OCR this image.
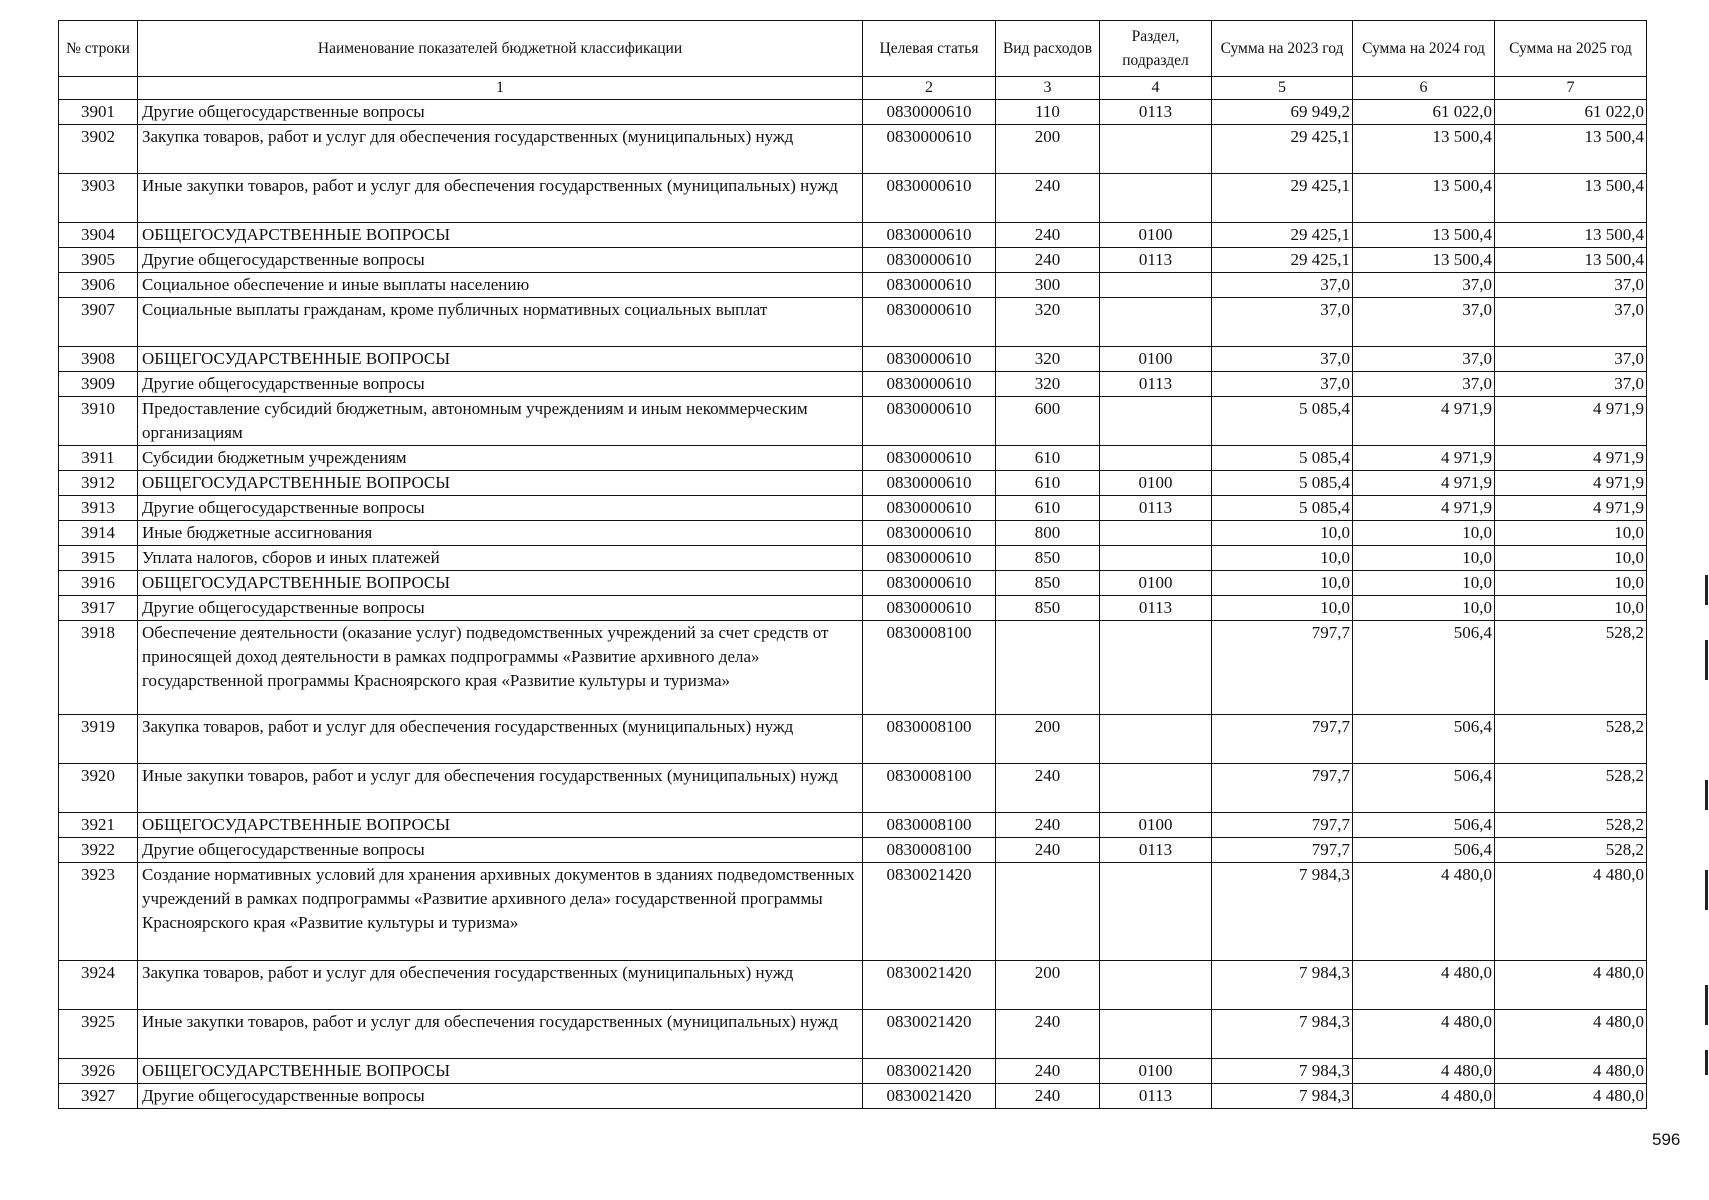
№ строки	Наименование показателей бюджетной классификации	Целевая статья	Вид расходов	Раздел, подраздел	Сумма на 2023 год	Сумма на 2024 год	Сумма на 2025 год
	1	2	3	4	5	6	7
3901	Другие общегосударственные вопросы	0830000610	110	0113	69 949,2	61 022,0	61 022,0
3902	Закупка товаров, работ и услуг для обеспечения государственных (муниципальных) нужд	0830000610	200		29 425,1	13 500,4	13 500,4
3903	Иные закупки товаров, работ и услуг для обеспечения государственных (муниципальных) нужд	0830000610	240		29 425,1	13 500,4	13 500,4
3904	ОБЩЕГОСУДАРСТВЕННЫЕ ВОПРОСЫ	0830000610	240	0100	29 425,1	13 500,4	13 500,4
3905	Другие общегосударственные вопросы	0830000610	240	0113	29 425,1	13 500,4	13 500,4
3906	Социальное обеспечение и иные выплаты населению	0830000610	300		37,0	37,0	37,0
3907	Социальные выплаты гражданам, кроме публичных нормативных социальных выплат	0830000610	320		37,0	37,0	37,0
3908	ОБЩЕГОСУДАРСТВЕННЫЕ ВОПРОСЫ	0830000610	320	0100	37,0	37,0	37,0
3909	Другие общегосударственные вопросы	0830000610	320	0113	37,0	37,0	37,0
3910	Предоставление субсидий бюджетным, автономным учреждениям и иным некоммерческим организациям	0830000610	600		5 085,4	4 971,9	4 971,9
3911	Субсидии бюджетным учреждениям	0830000610	610		5 085,4	4 971,9	4 971,9
3912	ОБЩЕГОСУДАРСТВЕННЫЕ ВОПРОСЫ	0830000610	610	0100	5 085,4	4 971,9	4 971,9
3913	Другие общегосударственные вопросы	0830000610	610	0113	5 085,4	4 971,9	4 971,9
3914	Иные бюджетные ассигнования	0830000610	800		10,0	10,0	10,0
3915	Уплата налогов, сборов и иных платежей	0830000610	850		10,0	10,0	10,0
3916	ОБЩЕГОСУДАРСТВЕННЫЕ ВОПРОСЫ	0830000610	850	0100	10,0	10,0	10,0
3917	Другие общегосударственные вопросы	0830000610	850	0113	10,0	10,0	10,0
3918	Обеспечение деятельности (оказание услуг) подведомственных учреждений за счет средств от приносящей доход деятельности в рамках подпрограммы «Развитие архивного дела» государственной программы Красноярского края «Развитие культуры и туризма»	0830008100			797,7	506,4	528,2
3919	Закупка товаров, работ и услуг для обеспечения государственных (муниципальных) нужд	0830008100	200		797,7	506,4	528,2
3920	Иные закупки товаров, работ и услуг для обеспечения государственных (муниципальных) нужд	0830008100	240		797,7	506,4	528,2
3921	ОБЩЕГОСУДАРСТВЕННЫЕ ВОПРОСЫ	0830008100	240	0100	797,7	506,4	528,2
3922	Другие общегосударственные вопросы	0830008100	240	0113	797,7	506,4	528,2
3923	Создание нормативных условий для хранения архивных документов в зданиях подведомственных учреждений в рамках подпрограммы «Развитие архивного дела» государственной программы Красноярского края «Развитие культуры и туризма»	0830021420			7 984,3	4 480,0	4 480,0
3924	Закупка товаров, работ и услуг для обеспечения государственных (муниципальных) нужд	0830021420	200		7 984,3	4 480,0	4 480,0
3925	Иные закупки товаров, работ и услуг для обеспечения государственных (муниципальных) нужд	0830021420	240		7 984,3	4 480,0	4 480,0
3926	ОБЩЕГОСУДАРСТВЕННЫЕ ВОПРОСЫ	0830021420	240	0100	7 984,3	4 480,0	4 480,0
3927	Другие общегосударственные вопросы	0830021420	240	0113	7 984,3	4 480,0	4 480,0
596
